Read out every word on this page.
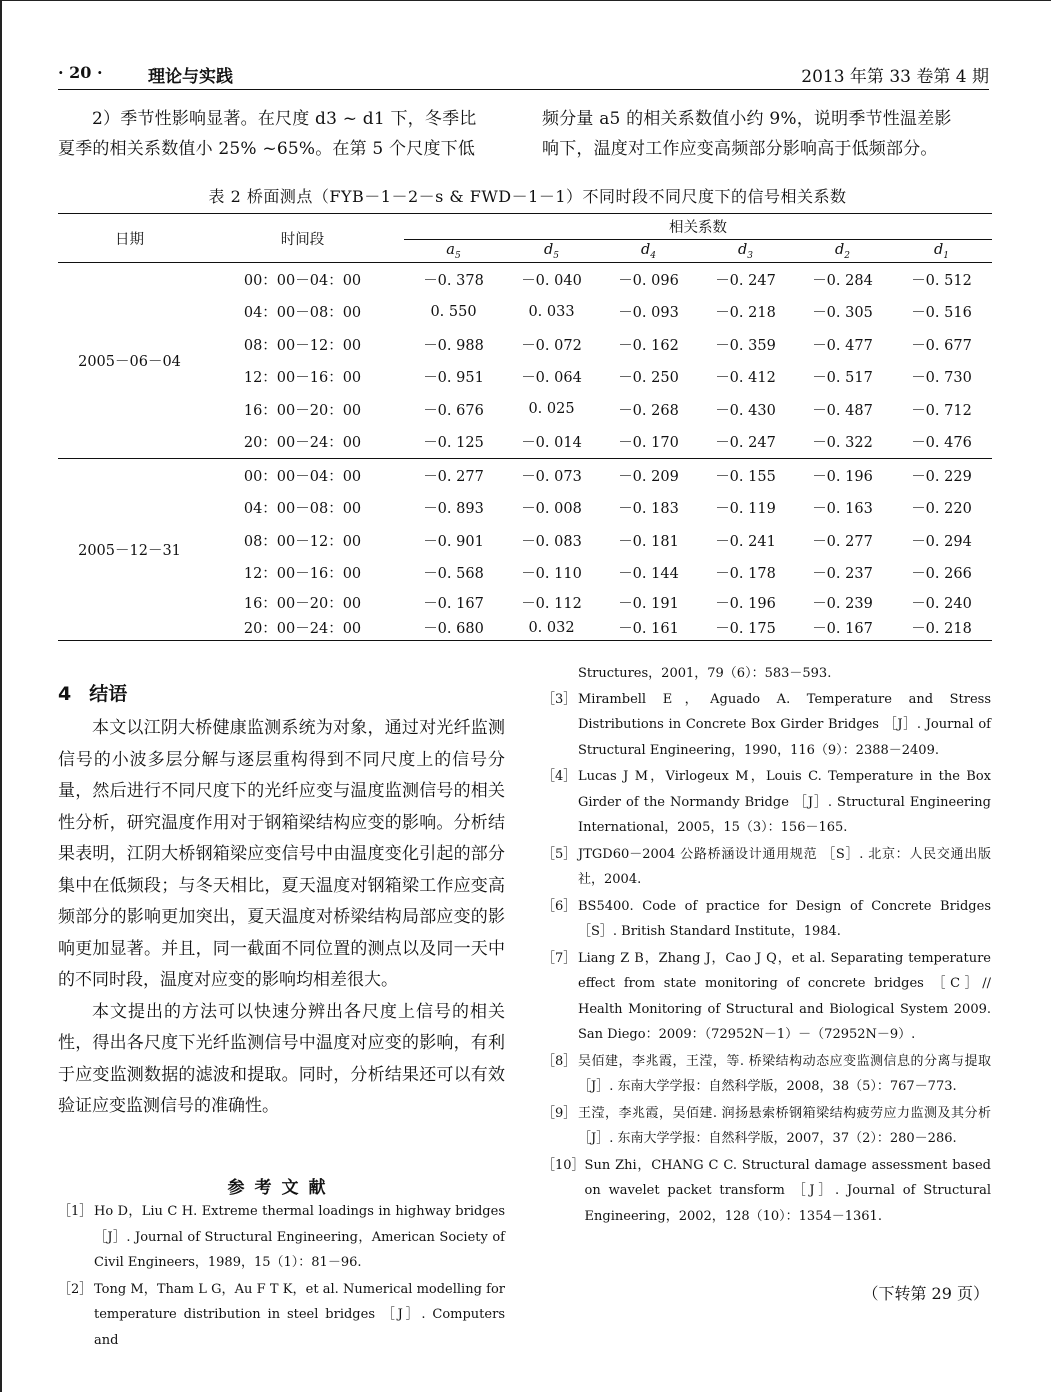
· 20 ·	理论与实践	2013 年第 33 卷第 4 期
2）季节性影响显著。在尺度 d3 ~ d1 下，冬季比
夏季的相关系数值小 25% ~65%。在第 5 个尺度下低
频分量 a5 的相关系数值小约 9%，说明季节性温差影
响下，温度对工作应变高频部分影响高于低频部分。
表 2 桥面测点（FYB－1－2－s & FWD－1－1）不同时段不同尺度下的信号相关系数
日期	时间段	相关系数					
		$a_5$	$d_5$	$d_4$	$d_3$	$d_2$	$d_1$
2005－06－04	00：00－04：00	－0. 378	－0. 040	－0. 096	－0. 247	－0. 284	－0. 512
	04：00－08：00	0. 550	0. 033	－0. 093	－0. 218	－0. 305	－0. 516
	08：00－12：00	－0. 988	－0. 072	－0. 162	－0. 359	－0. 477	－0. 677
	12：00－16：00	－0. 951	－0. 064	－0. 250	－0. 412	－0. 517	－0. 730
	16：00－20：00	－0. 676	0. 025	－0. 268	－0. 430	－0. 487	－0. 712
	20：00－24：00	－0. 125	－0. 014	－0. 170	－0. 247	－0. 322	－0. 476
2005－12－31	00：00－04：00	－0. 277	－0. 073	－0. 209	－0. 155	－0. 196	－0. 229
	04：00－08：00	－0. 893	－0. 008	－0. 183	－0. 119	－0. 163	－0. 220
	08：00－12：00	－0. 901	－0. 083	－0. 181	－0. 241	－0. 277	－0. 294
	12：00－16：00	－0. 568	－0. 110	－0. 144	－0. 178	－0. 237	－0. 266
	16：00－20：00	－0. 167	－0. 112	－0. 191	－0. 196	－0. 239	－0. 240
	20：00－24：00	－0. 680	0. 032	－0. 161	－0. 175	－0. 167	－0. 218
4 结语

本文以江阴大桥健康监测系统为对象，通过对光纤监测信号的小波多层分解与逐层重构得到不同尺度上的信号分量，然后进行不同尺度下的光纤应变与温度监测信号的相关性分析，研究温度作用对于钢箱梁结构应变的影响。分析结果表明，江阴大桥钢箱梁应变信号中由温度变化引起的部分集中在低频段；与冬天相比，夏天温度对钢箱梁工作应变高频部分的影响更加突出，夏天温度对桥梁结构局部应变的影响更加显著。并且，同一截面不同位置的测点以及同一天中的不同时段，温度对应变的影响均相差很大。

本文提出的方法可以快速分辨出各尺度上信号的相关性，得出各尺度下光纤监测信号中温度对应变的影响，有利于应变监测数据的滤波和提取。同时，分析结果还可以有效验证应变监测信号的准确性。

参考文献
［1］ Ho D，Liu C H. Extreme thermal loadings in highway bridges ［J］. Journal of Structural Engineering，American Society of Civil Engineers，1989，15（1）：81－96.
［2］ Tong M，Tham L G，Au F T K，et al. Numerical modelling for temperature distribution in steel bridges ［J］. Computers and
Structures，2001，79（6）：583－593.
［3］ Mirambell E，Aguado A. Temperature and Stress Distributions in Concrete Box Girder Bridges ［J］. Journal of Structural Engineering，1990，116（9）：2388－2409.
［4］ Lucas J M，Virlogeux M，Louis C. Temperature in the Box Girder of the Normandy Bridge ［J］. Structural Engineering International，2005，15（3）：156－165.
［5］ JTGD60－2004 公路桥涵设计通用规范 ［S］. 北京：人民交通出版社，2004.
［6］ BS5400. Code of practice for Design of Concrete Bridges ［S］. British Standard Institute，1984.
［7］ Liang Z B，Zhang J，Cao J Q，et al. Separating temperature effect from state monitoring of concrete bridges ［C］// Health Monitoring of Structural and Biological System 2009. San Diego：2009：（72952N－1）－（72952N－9）.
［8］ 吴佰建，李兆霞，王滢，等. 桥梁结构动态应变监测信息的分离与提取 ［J］. 东南大学学报：自然科学版，2008，38（5）：767－773.
［9］ 王滢，李兆霞，吴佰建. 润扬悬索桥钢箱梁结构疲劳应力监测及其分析 ［J］. 东南大学学报：自然科学版，2007，37（2）：280－286.
［10］ Sun Zhi，CHANG C C. Structural damage assessment based on wavelet packet transform ［J］. Journal of Structural Engineering，2002，128（10）：1354－1361.
（下转第 29 页）
